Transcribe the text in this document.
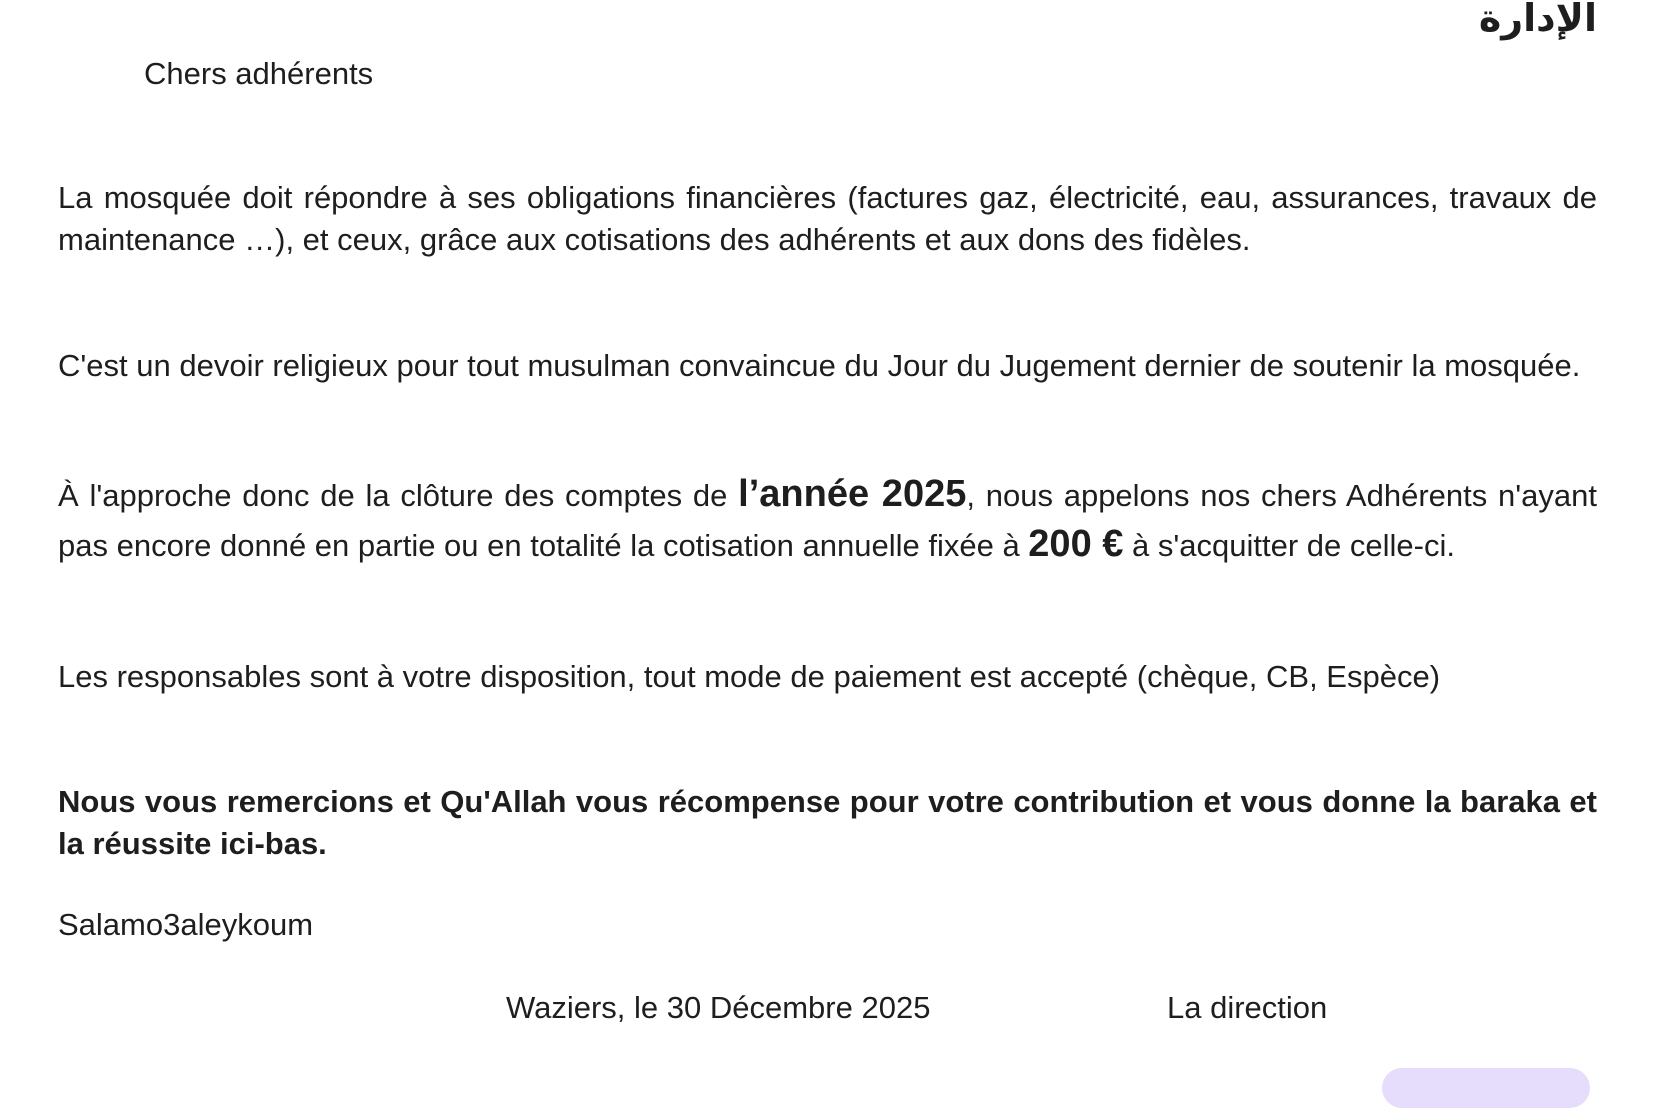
الإدارة
Chers adhérents

La mosquée doit répondre à ses obligations financières (factures gaz, électricité, eau, assurances, travaux de maintenance …), et ceux, grâce aux cotisations des adhérents et aux dons des fidèles.

C'est un devoir religieux pour tout musulman convaincue du Jour du Jugement dernier de soutenir la mosquée.

À l'approche donc de la clôture des comptes de l’année 2025, nous appelons nos chers Adhérents n'ayant pas encore donné en partie ou en totalité la cotisation annuelle fixée à 200 € à s'acquitter de celle-ci.

Les responsables sont à votre disposition, tout mode de paiement est accepté (chèque, CB, Espèce)

Nous vous remercions et Qu'Allah vous récompense pour votre contribution et vous donne la baraka et la réussite ici-bas.

Salamo3aleykoum
Waziers, le 30 Décembre 2025	La direction
